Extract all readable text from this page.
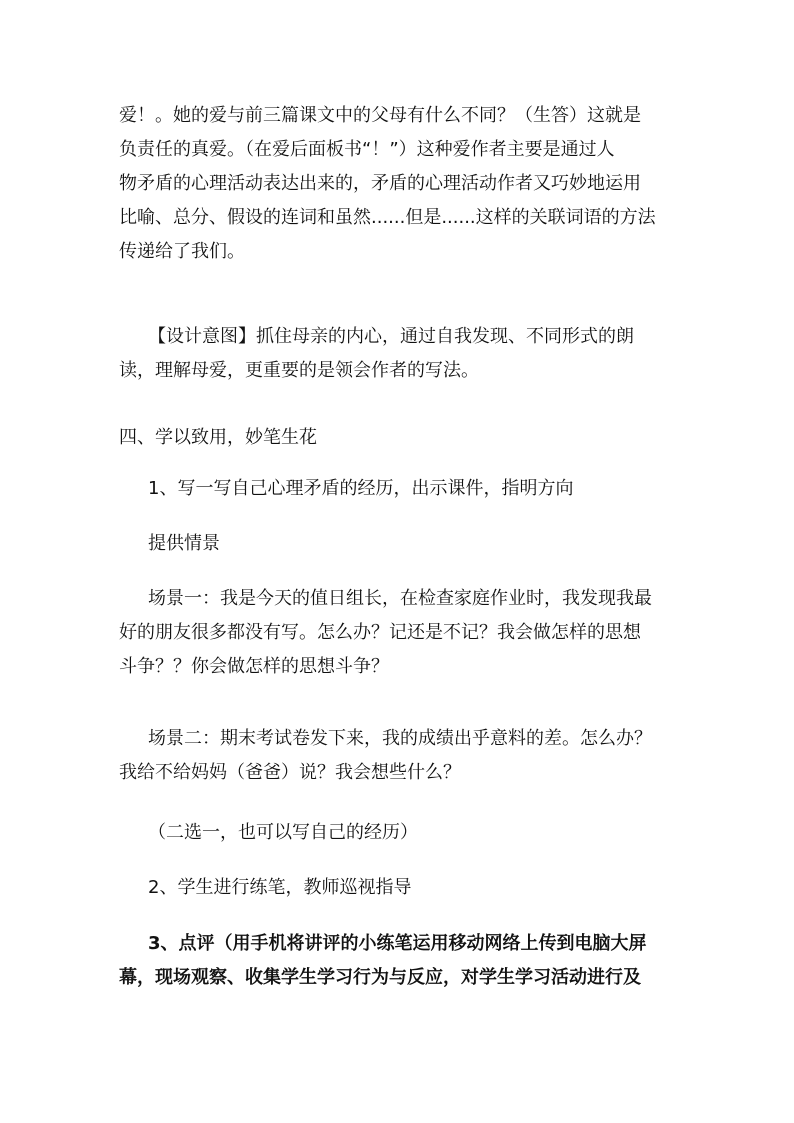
爱！。她的爱与前三篇课文中的父母有什么不同？（生答）这就是
负责任的真爱。（在爱后面板书“！”）这种爱作者主要是通过人
物矛盾的心理活动表达出来的，矛盾的心理活动作者又巧妙地运用
比喻、总分、假设的连词和虽然......但是......这样的关联词语的方法
传递给了我们。

【设计意图】抓住母亲的内心，通过自我发现、不同形式的朗
读，理解母爱，更重要的是领会作者的写法。

四、学以致用，妙笔生花

1、写一写自己心理矛盾的经历，出示课件，指明方向

提供情景

场景一：我是今天的值日组长，在检查家庭作业时，我发现我最
好的朋友很多都没有写。怎么办？记还是不记？我会做怎样的思想
斗争？？你会做怎样的思想斗争？

场景二：期末考试卷发下来，我的成绩出乎意料的差。怎么办？
我给不给妈妈（爸爸）说？我会想些什么？

（二选一，也可以写自己的经历）

2、学生进行练笔，教师巡视指导

3、点评（用手机将讲评的小练笔运用移动网络上传到电脑大屏
幕，现场观察、收集学生学习行为与反应，对学生学习活动进行及
